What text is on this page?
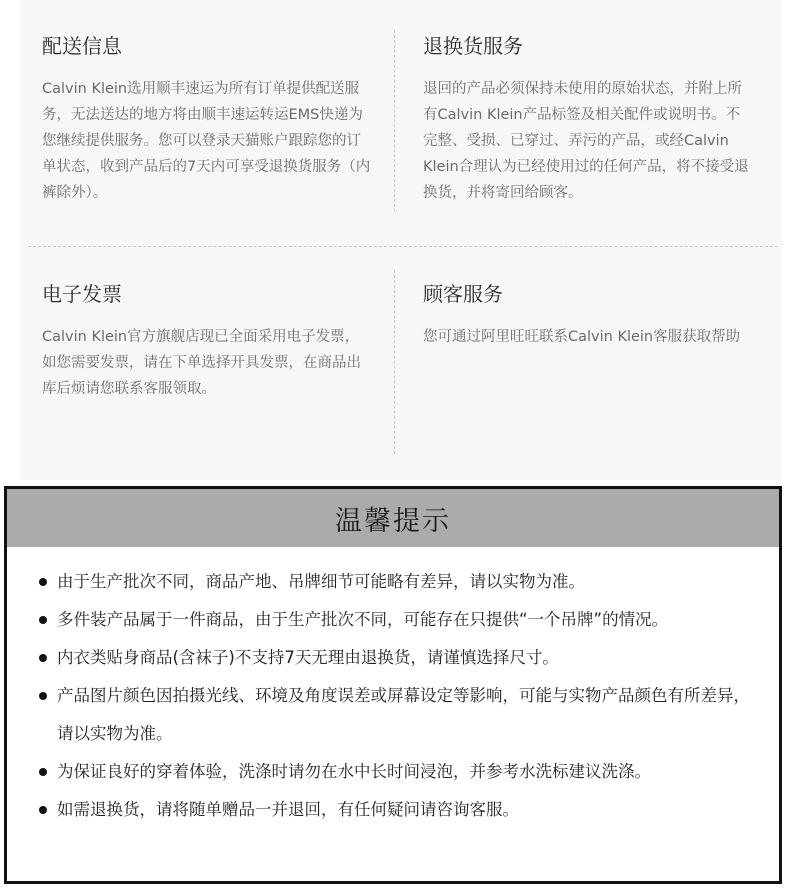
配送信息

Calvin Klein选用顺丰速运为所有订单提供配送服务，无法送达的地方将由顺丰速运转运EMS快递为您继续提供服务。您可以登录天猫账户跟踪您的订单状态，收到产品后的7天内可享受退换货服务（内裤除外）。

退换货服务

退回的产品必须保持未使用的原始状态，并附上所有Calvin Klein产品标签及相关配件或说明书。不完整、受损、已穿过、弄污的产品，或经Calvin Klein合理认为已经使用过的任何产品，将不接受退换货，并将寄回给顾客。

电子发票

Calvin Klein官方旗舰店现已全面采用电子发票，如您需要发票，请在下单选择开具发票，在商品出库后烦请您联系客服领取。

顾客服务

您可通过阿里旺旺联系Calvin Klein客服获取帮助

温馨提示
由于生产批次不同，商品产地、吊牌细节可能略有差异，请以实物为准。
多件装产品属于一件商品，由于生产批次不同，可能存在只提供“一个吊牌”的情况。
内衣类贴身商品(含袜子)不支持7天无理由退换货，请谨慎选择尺寸。
产品图片颜色因拍摄光线、环境及角度误差或屏幕设定等影响，可能与实物产品颜色有所差异，请以实物为准。
为保证良好的穿着体验，洗涤时请勿在水中长时间浸泡，并参考水洗标建议洗涤。
如需退换货，请将随单赠品一并退回，有任何疑问请咨询客服。
